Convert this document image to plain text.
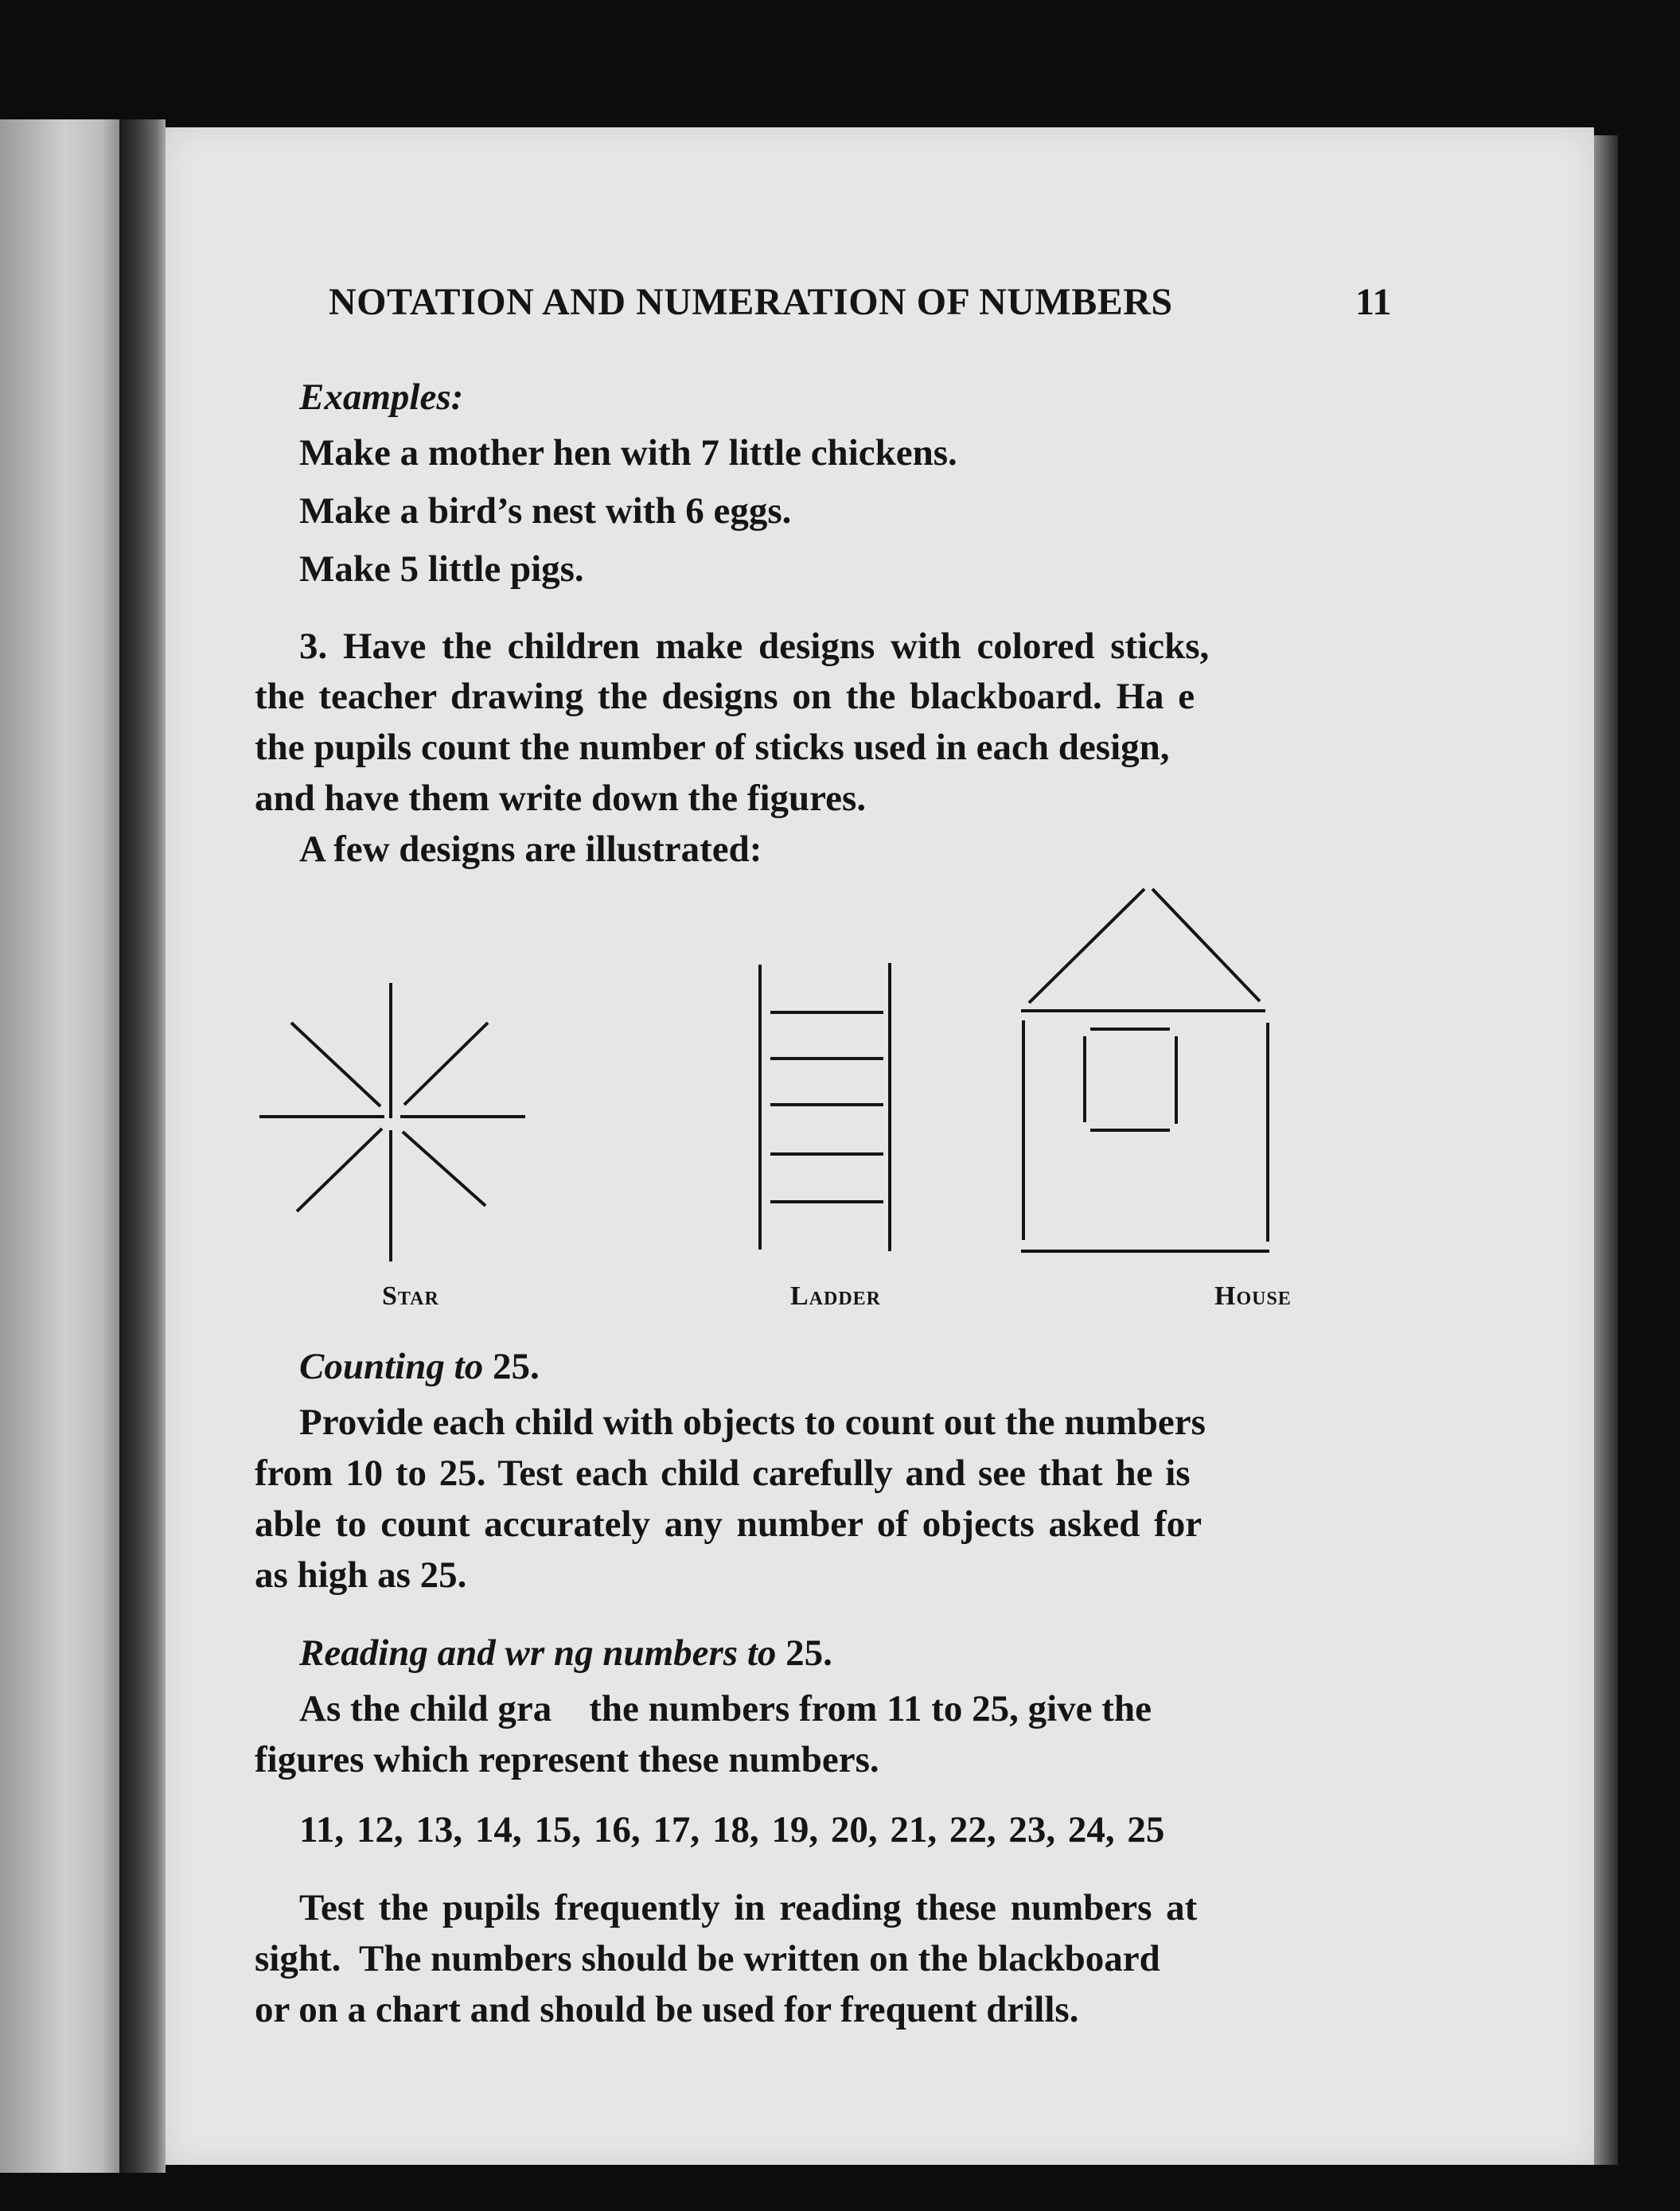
NOTATION AND NUMERATION OF NUMBERS	11

Examples:

Make a mother hen with 7 little chickens.

Make a bird’s nest with 6 eggs.

Make 5 little pigs.

3. Have the children make designs with colored sticks,

the teacher drawing the designs on the blackboard. Ha e

the pupils count the number of sticks used in each design,

and have them write down the figures.

A few designs are illustrated:

Star	Ladder	House

Counting to 25.

Provide each child with objects to count out the numbers

from 10 to 25. Test each child carefully and see that he is

able to count accurately any number of objects asked for

as high as 25.

Reading and wr ng numbers to 25.

As the child gra    the numbers from 11 to 25, give the

figures which represent these numbers.

11, 12, 13, 14, 15, 16, 17, 18, 19, 20, 21, 22, 23, 24, 25

Test the pupils frequently in reading these numbers at

sight.  The numbers should be written on the blackboard

or on a chart and should be used for frequent drills.
